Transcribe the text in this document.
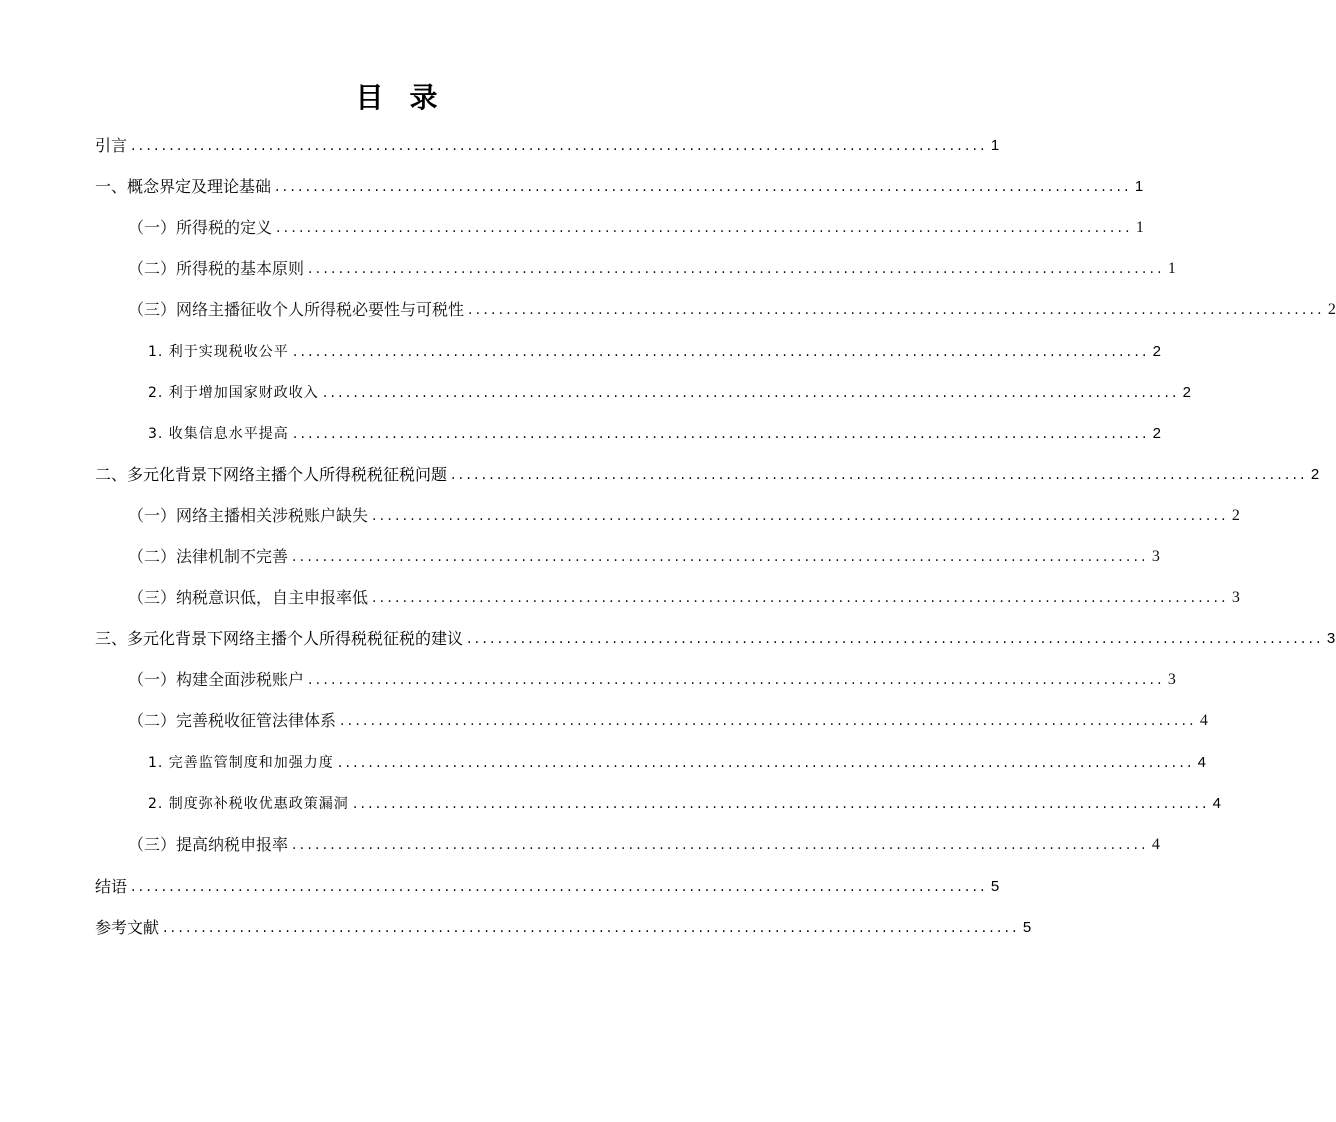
目录
引言 ................................................................................................................ 1
一、概念界定及理论基础 ................................................................................................................ 1
（一）所得税的定义 ................................................................................................................ 1
（二）所得税的基本原则 ................................................................................................................ 1
（三）网络主播征收个人所得税必要性与可税性 ................................................................................................................ 2
1. 利于实现税收公平 ................................................................................................................ 2
2. 利于增加国家财政收入 ................................................................................................................ 2
3. 收集信息水平提高 ................................................................................................................ 2
二、多元化背景下网络主播个人所得税税征税问题 ................................................................................................................ 2
（一）网络主播相关涉税账户缺失 ................................................................................................................ 2
（二）法律机制不完善 ................................................................................................................ 3
（三）纳税意识低，自主申报率低 ................................................................................................................ 3
三、多元化背景下网络主播个人所得税税征税的建议 ................................................................................................................ 3
（一）构建全面涉税账户 ................................................................................................................ 3
（二）完善税收征管法律体系 ................................................................................................................ 4
1. 完善监管制度和加强力度 ................................................................................................................ 4
2. 制度弥补税收优惠政策漏洞 ................................................................................................................ 4
（三）提高纳税申报率 ................................................................................................................ 4
结语 ................................................................................................................ 5
参考文献 ................................................................................................................ 5
